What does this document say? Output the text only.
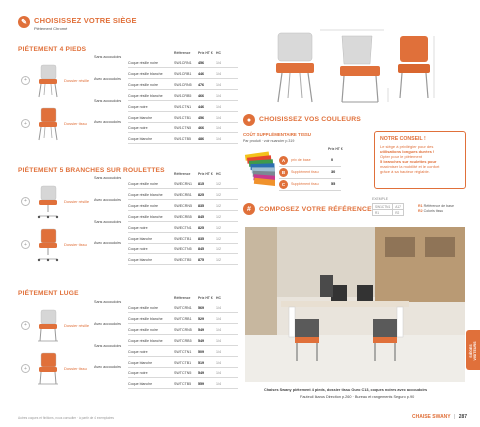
✎ CHOISISSEZ VOTRE SIÈGE
Piètement Chromé
PIÉTEMENT 4 PIEDS
PIÉTEMENT 5 BRANCHES SUR ROULETTES
PIÉTEMENT LUGE
Référence Prix HT € HC
Sans accoudoirs
Coque résille noire	SW1CRN1	456	1/4
Coque résille blanche	SW1CRB1	446	1/4
Avec accoudoirs
Coque résille noire	SW1CRN5	476	1/4
Coque résille blanche	SW1CRB5	466	1/4
Dossier résille
+
Sans accoudoirs
Coque noire	SW1CTN1	446	1/4
Coque blanche	SW1CTB1	456	1/4
Avec accoudoirs
Coque noire	SW1CTN5	466	1/4
Coque blanche	SW1CTB5	486	1/4
Dossier tissu
+
Référence Prix HT € HC
Sans accoudoirs
Coque résille noire	SWECRN1	815	1/2
Coque résille blanche	SWECRB1	825	1/2
Avec accoudoirs
Coque résille noire	SWECRN5	835	1/2
Coque résille blanche	SWECRB5	845	1/2
Dossier résille
+
Sans accoudoirs
Coque noire	SWECTN1	825	1/2
Coque blanche	SWECTB1	835	1/2
Avec accoudoirs
Coque noire	SWECTN5	845	1/2
Coque blanche	SWECTB5	875	1/2
Dossier tissu
+
Référence Prix HT € HC
Sans accoudoirs
Coque résille noire	SWTCRN1	569	1/4
Coque résille blanche	SWTCRB1	529	1/4
Avec accoudoirs
Coque résille noire	SWTCRN5	549	1/4
Coque résille blanche	SWTCRB5	549	1/4
Dossier résille
+
Sans accoudoirs
Coque noire	SWTCTN1	509	1/4
Coque blanche	SWTCTB1	519	1/4
Avec accoudoirs
Coque noire	SWTCTN5	549	1/4
Coque blanche	SWTCTB5	559	1/4
Dossier tissu
+
● CHOISISSEZ VOS COULEURS
COÛT SUPPLÉMENTAIRE TISSU
Par produit · voir nuancier p.319
Prix HT €
A	prix de base	0
B	Supplément tissu	30
C	Supplément tissu	55
NOTRE CONSEIL !
Le siège à privilégier pour des
utilisations longues durées !
Opter pour le piètement
5 branches sur roulettes pour
maximiser la mobilité et le confort
grâce à sa hauteur réglable.
# COMPOSEZ VOTRE RÉFÉRENCE
EXEMPLE
SW1CTN1	A17
R1	R2
R1 Référence de base
R2 Coloris tissu
SIÈGES VISITEURS
Chaises Swany piètement 4 pieds, dossier tissu Ouro C13, coques noires avec accoudoirs
Fauteuil Ikarus Direction p.260 · Bureau et rangements Seguro p.90
Autres coques et finitions, nous consulter · à partir de 4 exemplaires	CHAISE SWANY | 287
